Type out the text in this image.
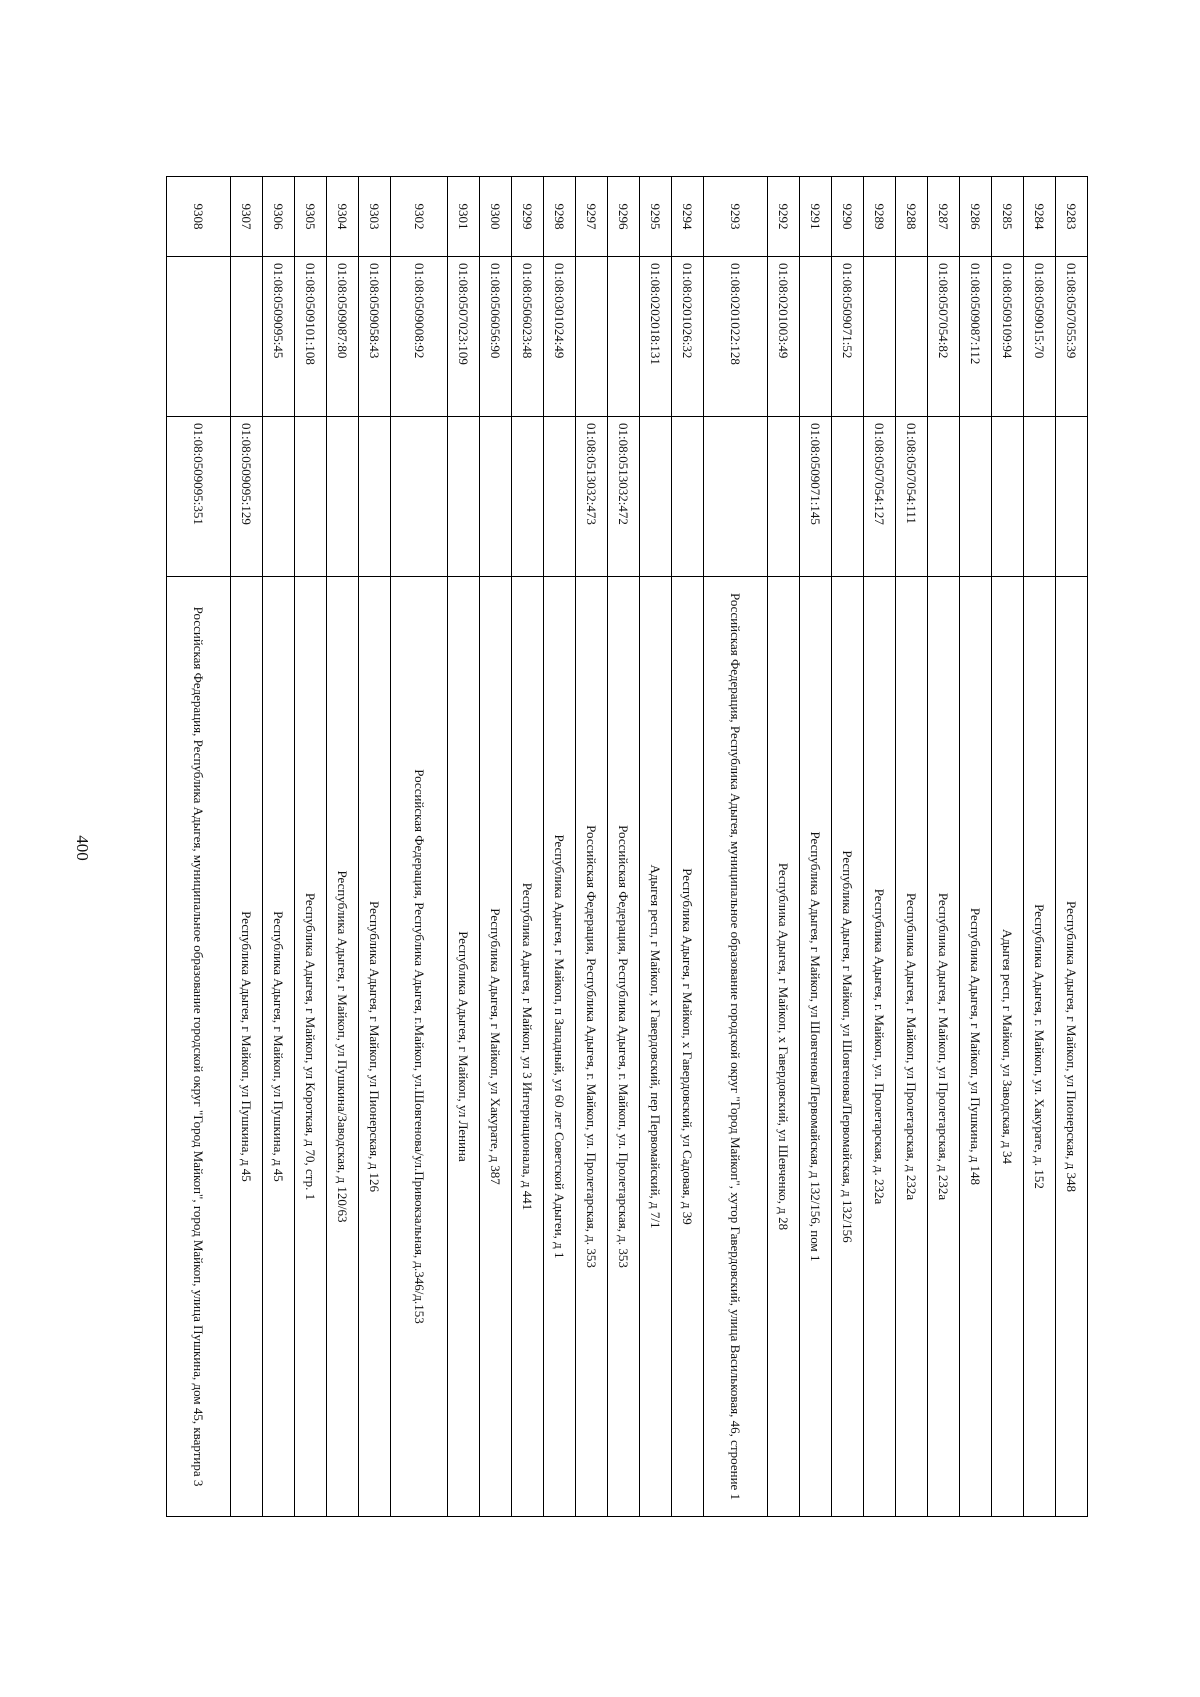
400
9283	01:08:0507055:39		Республика Адыгея, г Майкоп, ул Пионерская, д 348
9284	01:08:0509015:70		Республика Адыгея, г. Майкоп, ул. Хакурате, д. 152
9285	01:08:0509109:94		Адыгея респ, г Майкоп, ул Заводская, д 34
9286	01:08:0509087:112		Республика Адыгея, г Майкоп, ул Пушкина, д 148
9287	01:08:0507054:82		Республика Адыгея, г Майкоп, ул Пролетарская, д 232а
9288		01:08:0507054:111	Республика Адыгея, г Майкоп, ул Пролетарская, д 232а
9289		01:08:0507054:127	Республика Адыгея, г. Майкоп, ул. Пролетарская, д. 232а
9290	01:08:0509071:52		Республика Адыгея, г Майкоп, ул Шовгенова/Первомайская, д 132/156
9291		01:08:0509071:145	Республика Адыгея, г Майкоп, ул Шовгенова/Первомайская, д 132/156, пом 1
9292	01:08:0201003:49		Республика Адыгея, г Майкоп, х Гавердовский, ул Шевченко, д 28
9293	01:08:0201022:128		Российская Федерация, Республика Адыгея, муниципальное образование городской округ "Город Майкоп", хутор Гавердовский, улица Васильковая, 46, строение 1
9294	01:08:0201026:32		Республика Адыгея, г Майкоп, х Гавердовский, ул Садовая, д 39
9295	01:08:0202018:131		Адыгея респ, г Майкоп, х Гавердовский, пер Первомайский, д 7/1
9296		01:08:0513032:472	Российская Федерация, Республика Адыгея, г. Майкоп, ул. Пролетарская, д. 353
9297		01:08:0513032:473	Российская Федерация, Республика Адыгея, г. Майкоп, ул. Пролетарская, д. 353
9298	01:08:0301024:49		Республика Адыгея, г Майкоп, п Западный, ул 60 лет Советской Адыгеи, д 1
9299	01:08:0506023:48		Республика Адыгея, г Майкоп, ул 3 Интернационала, д 441
9300	01:08:0506056:90		Республика Адыгея, г Майкоп, ул Хакурате, д 387
9301	01:08:0507023:109		Республика Адыгея, г Майкоп, ул Ленина
9302	01:08:0509008:92		Российская Федерация, Республика Адыгея, г.Майкоп, ул.Шовгенова/ул.Привокзальная, д.346/д.153
9303	01:08:0509058:43		Республика Адыгея, г Майкоп, ул Пионерская, д 126
9304	01:08:0509087:80		Республика Адыгея, г Майкоп, ул Пушкина/Заводская, д 120/63
9305	01:08:0509101:108		Республика Адыгея, г Майкоп, ул Короткая, д 70, стр. 1
9306	01:08:0509095:45		Республика Адыгея, г Майкоп, ул Пушкина, д 45
9307		01:08:0509095:129	Республика Адыгея, г Майкоп, ул Пушкина, д 45
9308		01:08:0509095:351	Российская Федерация, Республика Адыгея, муниципальное образование городской округ "Город Майкоп", город Майкоп, улица Пушкина, дом 45, квартира 3
